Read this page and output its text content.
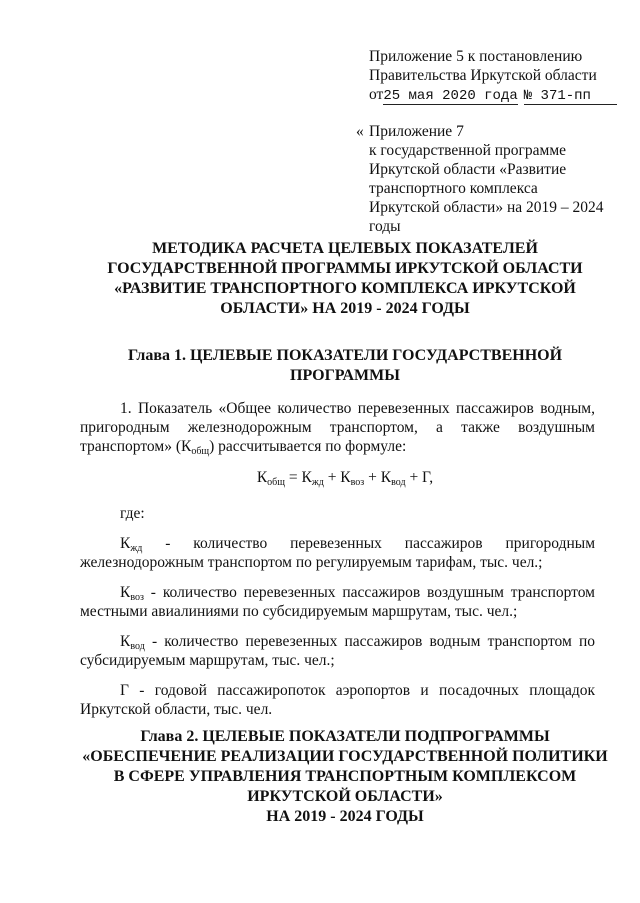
Приложение 5 к постановлению
Правительства Иркутской области
от25 мая 2020 года № 371-пп
« Приложение 7
к государственной программе
Иркутской области «Развитие
транспортного комплекса
Иркутской области» на 2019 – 2024
годы
МЕТОДИКА РАСЧЕТА ЦЕЛЕВЫХ ПОКАЗАТЕЛЕЙ
ГОСУДАРСТВЕННОЙ ПРОГРАММЫ ИРКУТСКОЙ ОБЛАСТИ
«РАЗВИТИЕ ТРАНСПОРТНОГО КОМПЛЕКСА ИРКУТСКОЙ
ОБЛАСТИ» НА 2019 - 2024 ГОДЫ
Глава 1. ЦЕЛЕВЫЕ ПОКАЗАТЕЛИ ГОСУДАРСТВЕННОЙ
ПРОГРАММЫ
1. Показатель «Общее количество перевезенных пассажиров водным,
пригородным железнодорожным транспортом, а также воздушным
транспортом» $(К_{общ})$ рассчитывается по формуле:
$К_{общ} = К_{жд} + К_{воз} + К_{вод} + Г$,
где:
$К_{жд}$ - количество перевезенных пассажиров пригородным
железнодорожным транспортом по регулируемым тарифам, тыс. чел.;
$К_{воз}$ - количество перевезенных пассажиров воздушным транспортом
местными авиалиниями по субсидируемым маршрутам, тыс. чел.;
$К_{вод}$ - количество перевезенных пассажиров водным транспортом по
субсидируемым маршрутам, тыс. чел.;
Г - годовой пассажиропоток аэропортов и посадочных площадок
Иркутской области, тыс. чел.
Глава 2. ЦЕЛЕВЫЕ ПОКАЗАТЕЛИ ПОДПРОГРАММЫ
«ОБЕСПЕЧЕНИЕ РЕАЛИЗАЦИИ ГОСУДАРСТВЕННОЙ ПОЛИТИКИ
В СФЕРЕ УПРАВЛЕНИЯ ТРАНСПОРТНЫМ КОМПЛЕКСОМ
ИРКУТСКОЙ ОБЛАСТИ»
НА 2019 - 2024 ГОДЫ
